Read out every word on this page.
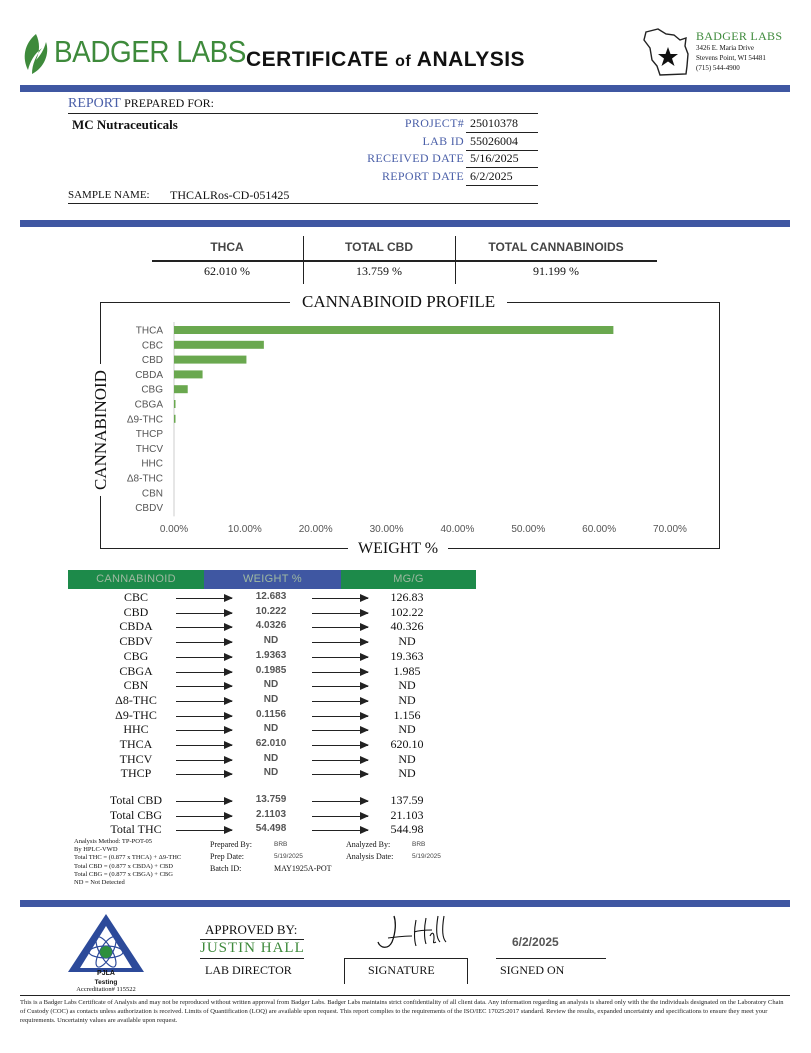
BADGER LABS CERTIFICATE of ANALYSIS
BADGER LABS
3426 E. Maria Drive
Stevens Point, WI 54481
(715) 544-4900
REPORT PREPARED FOR:
MC Nutraceuticals	PROJECT# 25010378
LAB ID 55026004
RECEIVED DATE 5/16/2025
REPORT DATE 6/2/2025
SAMPLE NAME: THCALRos-CD-051425
THCA	TOTAL CBD	TOTAL CANNABINOIDS
62.010 %	13.759 %	91.199 %
CANNABINOID PROFILE
WEIGHT %
CANNABINOID
THCA
CBC
CBD
CBDA
CBG
CBGA
Δ9-THC
THCP
THCV
HHC
Δ8-THC
CBN
CBDV
0.00%	10.00%	20.00%	30.00%	40.00%	50.00%	60.00%	70.00%
CANNABINOID	WEIGHT %	MG/G
CBC	12.683	126.83
CBD	10.222	102.22
CBDA	4.0326	40.326
CBDV	ND	ND
CBG	1.9363	19.363
CBGA	0.1985	1.985
CBN	ND	ND
Δ8-THC	ND	ND
Δ9-THC	0.1156	1.156
HHC	ND	ND
THCA	62.010	620.10
THCV	ND	ND
THCP	ND	ND
Total CBD	13.759	137.59
Total CBG	2.1103	21.103
Total THC	54.498	544.98
Analysis Method: TP-POT-05
By HPLC-VWD
Total THC = (0.877 x THCA) + Δ9-THC
Total CBD = (0.877 x CBDA) + CBD
Total CBG = (0.877 x CBGA) + CBG
ND = Not Detected
Prepared By:	BRB
Prep Date:	5/19/2025
Batch ID:	MAY1925A-POT
Analyzed By:	BRB
Analysis Date:	5/19/2025
PJLA
Testing
Accreditation# 115522
APPROVED BY:
JUSTIN HALL
LAB DIRECTOR	SIGNATURE
6/2/2025
SIGNED ON
This is a Badger Labs Certificate of Analysis and may not be reproduced without written approval from Badger Labs. Badger Labs maintains strict confidentiality of all client data. Any information regarding an analysis is shared only with the the individuals designated on the Laboratory Chain of Custody (COC) as contacts unless authorization is received. Limits of Quantification (LOQ) are available upon request. This report complies to the requirements of the ISO/IEC 17025:2017 standard. Review the results, expanded uncertainty and specifications to ensure they meet your requirements. Uncertainty values are available upon request.
